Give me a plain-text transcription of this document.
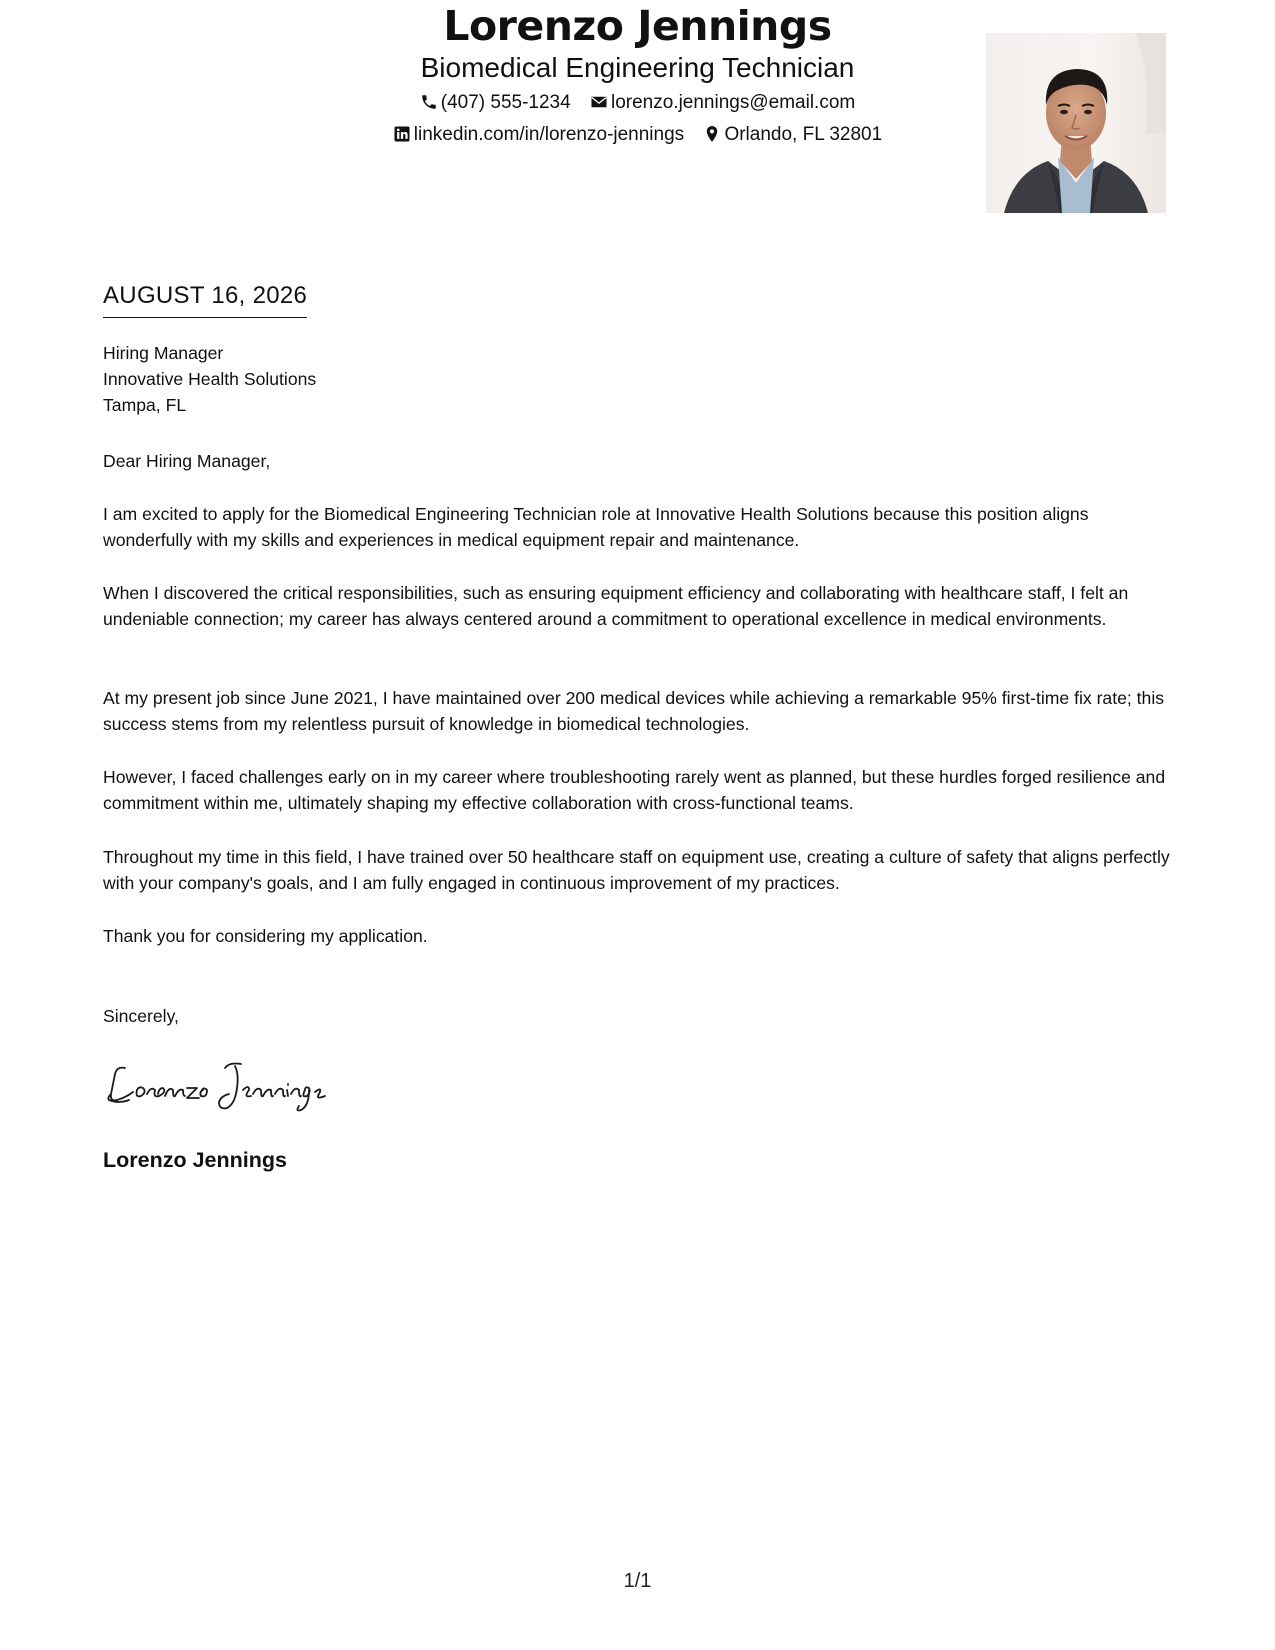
Lorenzo Jennings
Biomedical Engineering Technician
(407) 555-1234 lorenzo.jennings@email.com
linkedin.com/in/lorenzo-jennings Orlando, FL 32801
AUGUST 16, 2026
Hiring Manager
Innovative Health Solutions
Tampa, FL
Dear Hiring Manager,
I am excited to apply for the Biomedical Engineering Technician role at Innovative Health Solutions because this position aligns wonderfully with my skills and experiences in medical equipment repair and maintenance.
When I discovered the critical responsibilities, such as ensuring equipment efficiency and collaborating with healthcare staff, I felt an undeniable connection; my career has always centered around a commitment to operational excellence in medical environments.
At my present job since June 2021, I have maintained over 200 medical devices while achieving a remarkable 95% first-time fix rate; this success stems from my relentless pursuit of knowledge in biomedical technologies.
However, I faced challenges early on in my career where troubleshooting rarely went as planned, but these hurdles forged resilience and commitment within me, ultimately shaping my effective collaboration with cross-functional teams.
Throughout my time in this field, I have trained over 50 healthcare staff on equipment use, creating a culture of safety that aligns perfectly with your company's goals, and I am fully engaged in continuous improvement of my practices.
Thank you for considering my application.
Sincerely,
Lorenzo Jennings
1/1
